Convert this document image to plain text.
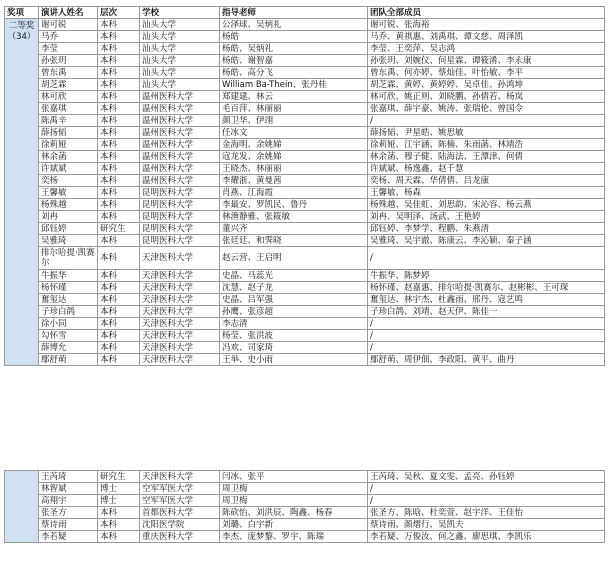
奖项	演讲人姓名	层次	学校	指导老师	团队全部成员

二等奖
（34）	谢可锐	本科	汕头大学	公泽球、吴炳礼	谢可锐、张海裕
	马乔	本科	汕头大学	杨皓	马乔、黄祺惠、刘禹琪、谭文慈、周泽凯
	李莹	本科	汕头大学	杨皓、吴炳礼	李莹、王奕萍、吴志鸿
	孙张玥	本科	汕头大学	杨皓、谢智嘉	孙张玥、刘婉仪、何星霖、谭筱淆、李永康
	曾东禹	本科	汕头大学	杨皓、高分飞	曾东禹、何亦婷、蔡灿佳、叶怡敏、李平
	胡芝霖	本科	汕头大学	William Ba-Thein、张丹桂	胡芝霖、黄婷、黄婷婷、吴卓佳、孙鸿坤
	林可欣	本科	温州医科大学	郑建建、林云	林可欣、姚正则、刘晓鹏、孙倩若、杨岚
	张嘉琪	本科	温州医科大学	毛百萍、林丽丽	张嘉琪、薛宇豪、姚涛、张瑞伦、曾国令
	陈禹辛	本科	温州医科大学	颜卫华、伊翊	/
	薛扬韬	本科	温州医科大学	任冰文	薛扬韬、尹星皓、姚思敏
	徐莉娅	本科	温州医科大学	金海明、余姚娣	徐莉娅、江宇涵、陈楠、朱雨菡、林靖浩
	林余菡	本科	温州医科大学	寇龙发、余姚娣	林余菡、穆子健、陆海法、王潭津、何倩
	许斌斌	本科	温州医科大学	王晓杰、林丽丽	许斌斌、杨逸鑫、赵千慧
	奕杨	本科	温州医科大学	李耀浙、黄曼茜	奕杨、周天霖、华倩倩、吕龙康
	王馨敏	本科	昆明医科大学	肖燕、江海霞	王馨敏、杨森
	杨殊越	本科	昆明医科大学	李最安、罗凯民、鲁丹	杨殊越、吴佳虹、刘思韵、宋沁容、杨云燕
	刘冉	本科	昆明医科大学	林渔静雅、张筱敏	刘冉、吴明泽、汤武、王艳婷
	邱钰婷	研究生	昆明医科大学	董兴齐	邱钰婷、李梦学、程鹏、朱燕清
	吴雅琦	本科	昆明医科大学	张廷廷、和霁晓	吴雅琦、吴宇澈、陈康云、李沁颖、秦子涵
	排尔哈提·凯赛尔	本科	天津医科大学	赵云营、王启明	/
	牛振华	本科	天津医科大学	史晶、马蕊光	牛振华、陈梦婷
	杨怀瑾	本科	天津医科大学	沈慧、赵子龙	杨怀瑾、赵嘉惠、排尔哈提·凯赛尔、赵彬彬、王可琛
	奮玺达	本科	天津医科大学	史晶、吕军强	奮玺达、林宇杰、杜鑫雨、邢丹、寇艺鸣
	子珍白鸽	本科	天津医科大学	孙鹰、张彦超	子珍白鸽、刘靖、赵天伊、陈佳一
	徐小同	本科	天津医科大学	李志清	/
	勾怀雪	本科	天津医科大学	杨莹、张洪波	/
	薛博允	本科	天津医科大学	冯欢、司家琦	/
	鄢舒萌	本科	天津医科大学	王举、史小雨	鄢舒萌、周伊佃、李政阳、黄平、曲丹
	王芮琦	研究生	天津医科大学	闫冰、张平	王芮琦、吴秋、夏文雯、孟亮、孙钰婷
	林智斌	博士	空军军医大学	周卫梅	/
	高翔宇	博士	空军军医大学	周卫梅	/
	张圣方	本科	首都医科大学	陈砍怡、刘洪辰、陶鑫、杨春	张圣方、陈晗、杜奕萱、赵宇洋、王佳怡
	蔡诗雨	本科	沈阳医学院	刘璐、白宇新	蔡诗雨、颜熠行、吴凯夫
	李若疑	本科	重庆医科大学	李杰、庞梦黎、罗宇、陈瑞	李若疑、万俊汝、何之鑫、廖思琪、李凯乐
